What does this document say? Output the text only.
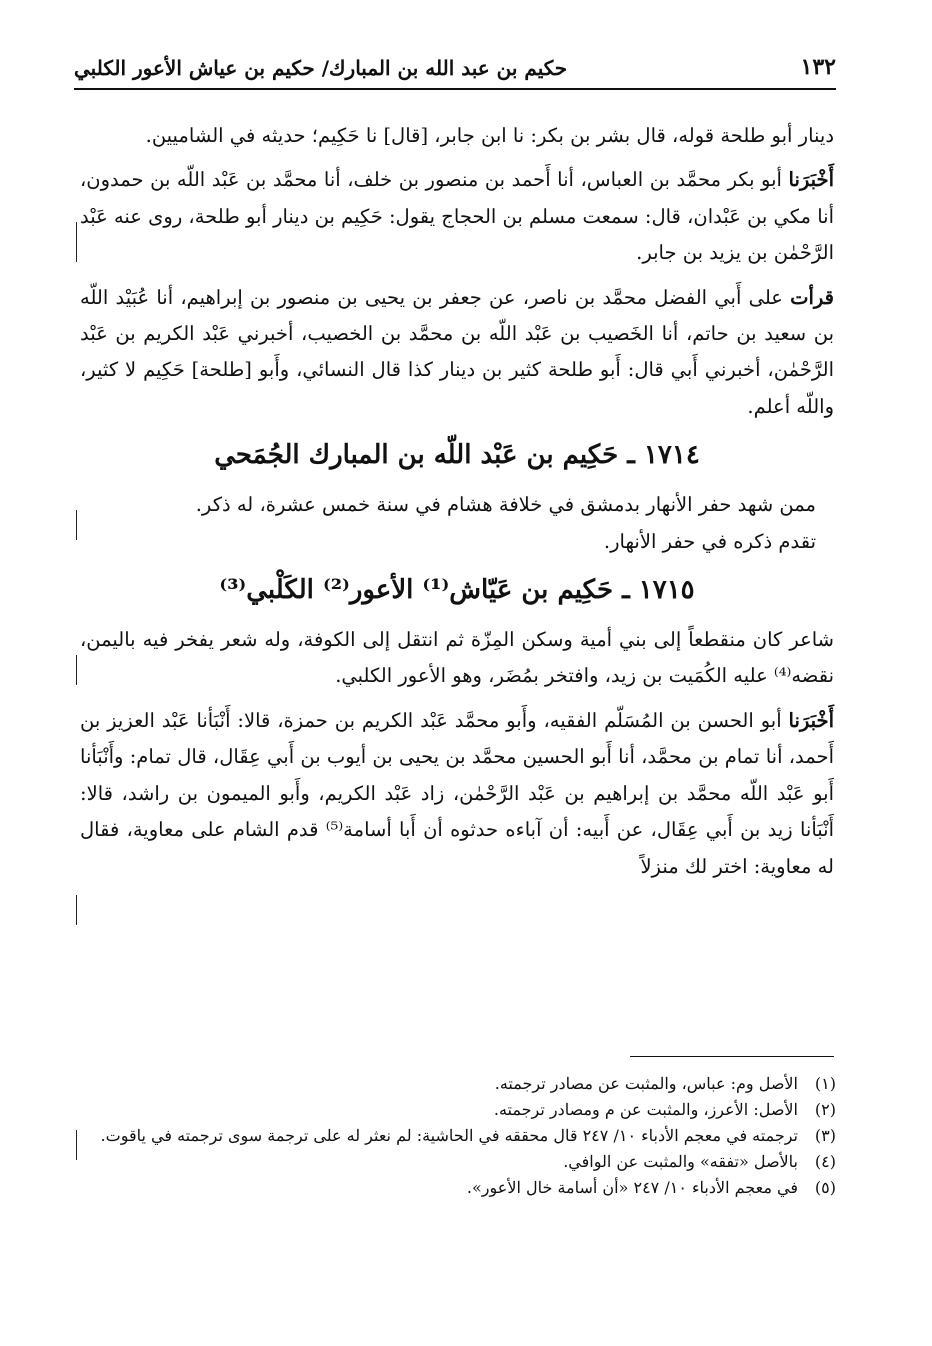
١٣٢
حكيم بن عبد الله بن المبارك/ حكيم بن عياش الأعور الكلبي

دينار أبو طلحة قوله، قال بشر بن بكر: نا ابن جابر، [قال] نا حَكِيم؛ حديثه في الشاميين.

أَخْبَرَنا أبو بكر محمَّد بن العباس، أنا أَحمد بن منصور بن خلف، أنا محمَّد بن عَبْد اللّه بن حمدون، أنا مكي بن عَبْدان، قال: سمعت مسلم بن الحجاج يقول: حَكِيم بن دينار أبو طلحة، روى عنه عَبْد الرَّحْمٰن بن يزيد بن جابر.

قرأت على أَبي الفضل محمَّد بن ناصر، عن جعفر بن يحيى بن منصور بن إبراهيم، أنا عُبَيْد اللّه بن سعيد بن حاتم، أنا الخَصيب بن عَبْد اللّه بن محمَّد بن الخصيب، أخبرني عَبْد الكريم بن عَبْد الرَّحْمٰن، أخبرني أَبي قال: أَبو طلحة كثير بن دينار كذا قال النسائي، وأَبو [طلحة] حَكِيم لا كثير، واللّه أعلم.

١٧١٤ ـ حَكِيم بن عَبْد اللّه بن المبارك الجُمَحي

ممن شهد حفر الأنهار بدمشق في خلافة هشام في سنة خمس عشرة، له ذكر.

تقدم ذكره في حفر الأنهار.

١٧١٥ ـ حَكِيم بن عَيّاش⁽¹⁾ الأعور⁽²⁾ الكَلْبي⁽³⁾

شاعر كان منقطعاً إلى بني أمية وسكن المِزّة ثم انتقل إلى الكوفة، وله شعر يفخر فيه باليمن، نقضه⁽⁴⁾ عليه الكُمَيت بن زيد، وافتخر بمُضَر، وهو الأعور الكلبي.

أَخْبَرَنا أبو الحسن بن المُسَلّم الفقيه، وأَبو محمَّد عَبْد الكريم بن حمزة، قالا: أَنْبَأنا عَبْد العزيز بن أَحمد، أنا تمام بن محمَّد، أنا أَبو الحسين محمَّد بن يحيى بن أيوب بن أَبي عِقَال، قال تمام: وأَنْبَأنا أَبو عَبْد اللّه محمَّد بن إبراهيم بن عَبْد الرَّحْمٰن، زاد عَبْد الكريم، وأَبو الميمون بن راشد، قالا: أَنْبَأنا زيد بن أَبي عِقَال، عن أَبيه: أن آباءه حدثوه أن أَبا أسامة⁽⁵⁾ قدم الشام على معاوية، فقال له معاوية: اختر لك منزلاً

(١)
الأصل وم: عباس، والمثبت عن مصادر ترجمته.
(٢)
الأصل: الأعرز، والمثبت عن م ومصادر ترجمته.
(٣)
ترجمته في معجم الأدباء ١٠/ ٢٤٧ قال محققه في الحاشية: لم نعثر له على ترجمة سوى ترجمته في ياقوت.
(٤)
بالأصل «تفقه» والمثبت عن الوافي.
(٥)
في معجم الأدباء ١٠/ ٢٤٧ «أن أسامة خال الأعور».
